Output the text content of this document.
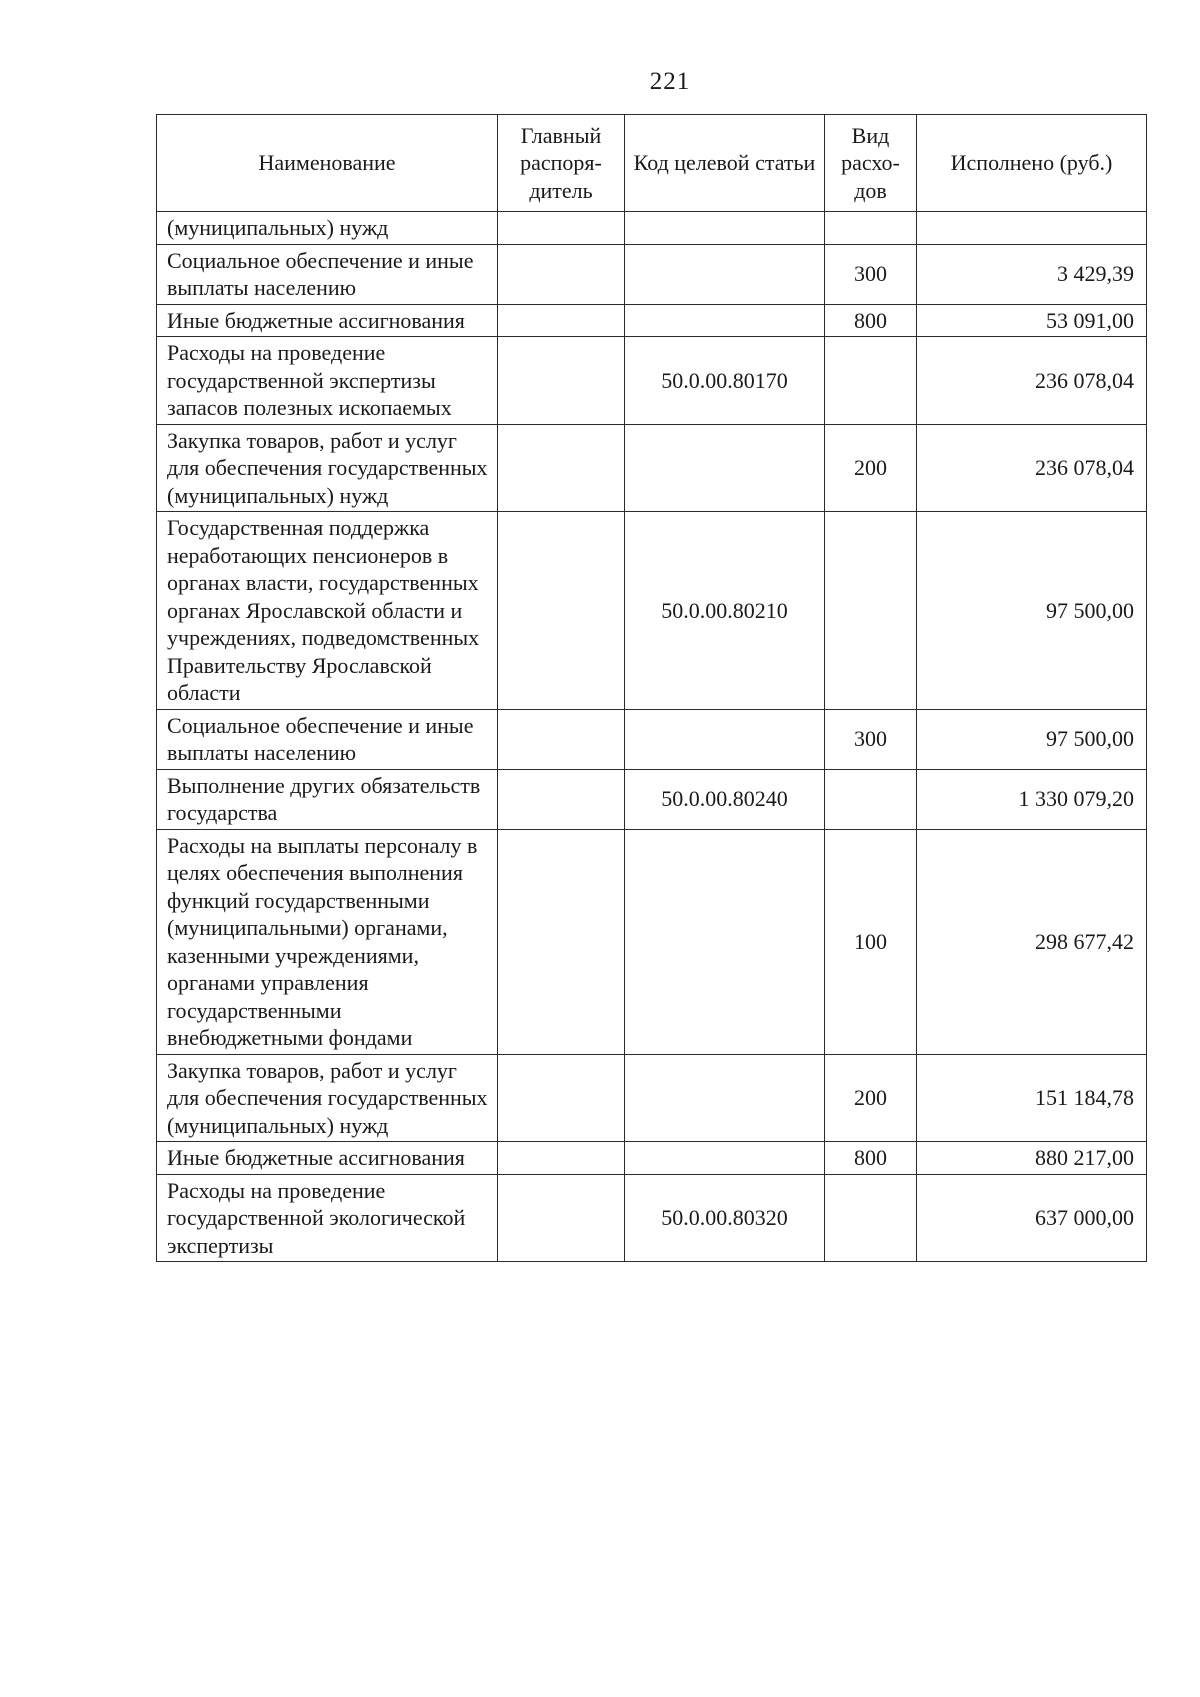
221
Наименование	Главный распоря- дитель	Код целевой статьи	Вид расхо- дов	Исполнено (руб.)
(муниципальных) нужд				
Социальное обеспечение и иные выплаты населению			300	3 429,39
Иные бюджетные ассигнования			800	53 091,00
Расходы на проведение государственной экспертизы запасов полезных ископаемых		50.0.00.80170		236 078,04
Закупка товаров, работ и услуг для обеспечения государственных (муниципальных) нужд			200	236 078,04
Государственная поддержка неработающих пенсионеров в органах власти, государственных органах Ярославской области и учреждениях, подведомственных Правительству Ярославской области		50.0.00.80210		97 500,00
Социальное обеспечение и иные выплаты населению			300	97 500,00
Выполнение других обязательств государства		50.0.00.80240		1 330 079,20
Расходы на выплаты персоналу в целях обеспечения выполнения функций государственными (муниципальными) органами, казенными учреждениями, органами управления государственными внебюджетными фондами			100	298 677,42
Закупка товаров, работ и услуг для обеспечения государственных (муниципальных) нужд			200	151 184,78
Иные бюджетные ассигнования			800	880 217,00
Расходы на проведение государственной экологической экспертизы		50.0.00.80320		637 000,00
